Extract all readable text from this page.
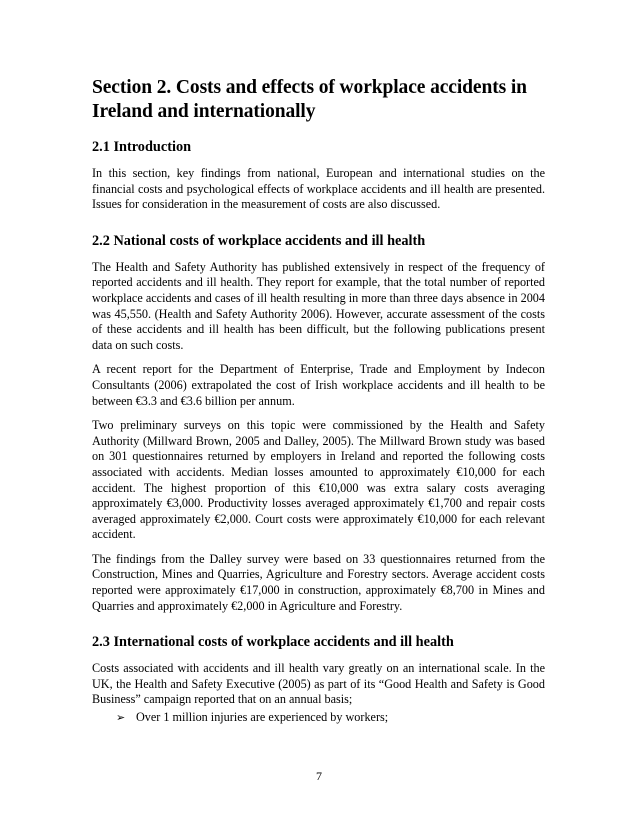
Section 2. Costs and effects of workplace accidents in Ireland and internationally
2.1 Introduction

In this section, key findings from national, European and international studies on the financial costs and psychological effects of workplace accidents and ill health are presented. Issues for consideration in the measurement of costs are also discussed.

2.2 National costs of workplace accidents and ill health

The Health and Safety Authority has published extensively in respect of the frequency of reported accidents and ill health. They report for example, that the total number of reported workplace accidents and cases of ill health resulting in more than three days absence in 2004 was 45,550. (Health and Safety Authority 2006). However, accurate assessment of the costs of these accidents and ill health has been difficult, but the following publications present data on such costs.

A recent report for the Department of Enterprise, Trade and Employment by Indecon Consultants (2006) extrapolated the cost of Irish workplace accidents and ill health to be between €3.3 and €3.6 billion per annum.

Two preliminary surveys on this topic were commissioned by the Health and Safety Authority (Millward Brown, 2005 and Dalley, 2005). The Millward Brown study was based on 301 questionnaires returned by employers in Ireland and reported the following costs associated with accidents. Median losses amounted to approximately €10,000 for each accident. The highest proportion of this €10,000 was extra salary costs averaging approximately €3,000. Productivity losses averaged approximately €1,700 and repair costs averaged approximately €2,000. Court costs were approximately €10,000 for each relevant accident.

The findings from the Dalley survey were based on 33 questionnaires returned from the Construction, Mines and Quarries, Agriculture and Forestry sectors. Average accident costs reported were approximately €17,000 in construction, approximately €8,700 in Mines and Quarries and approximately €2,000 in Agriculture and Forestry.

2.3 International costs of workplace accidents and ill health

Costs associated with accidents and ill health vary greatly on an international scale. In the UK, the Health and Safety Executive (2005) as part of its “Good Health and Safety is Good Business” campaign reported that on an annual basis;

➢ Over 1 million injuries are experienced by workers;
7
